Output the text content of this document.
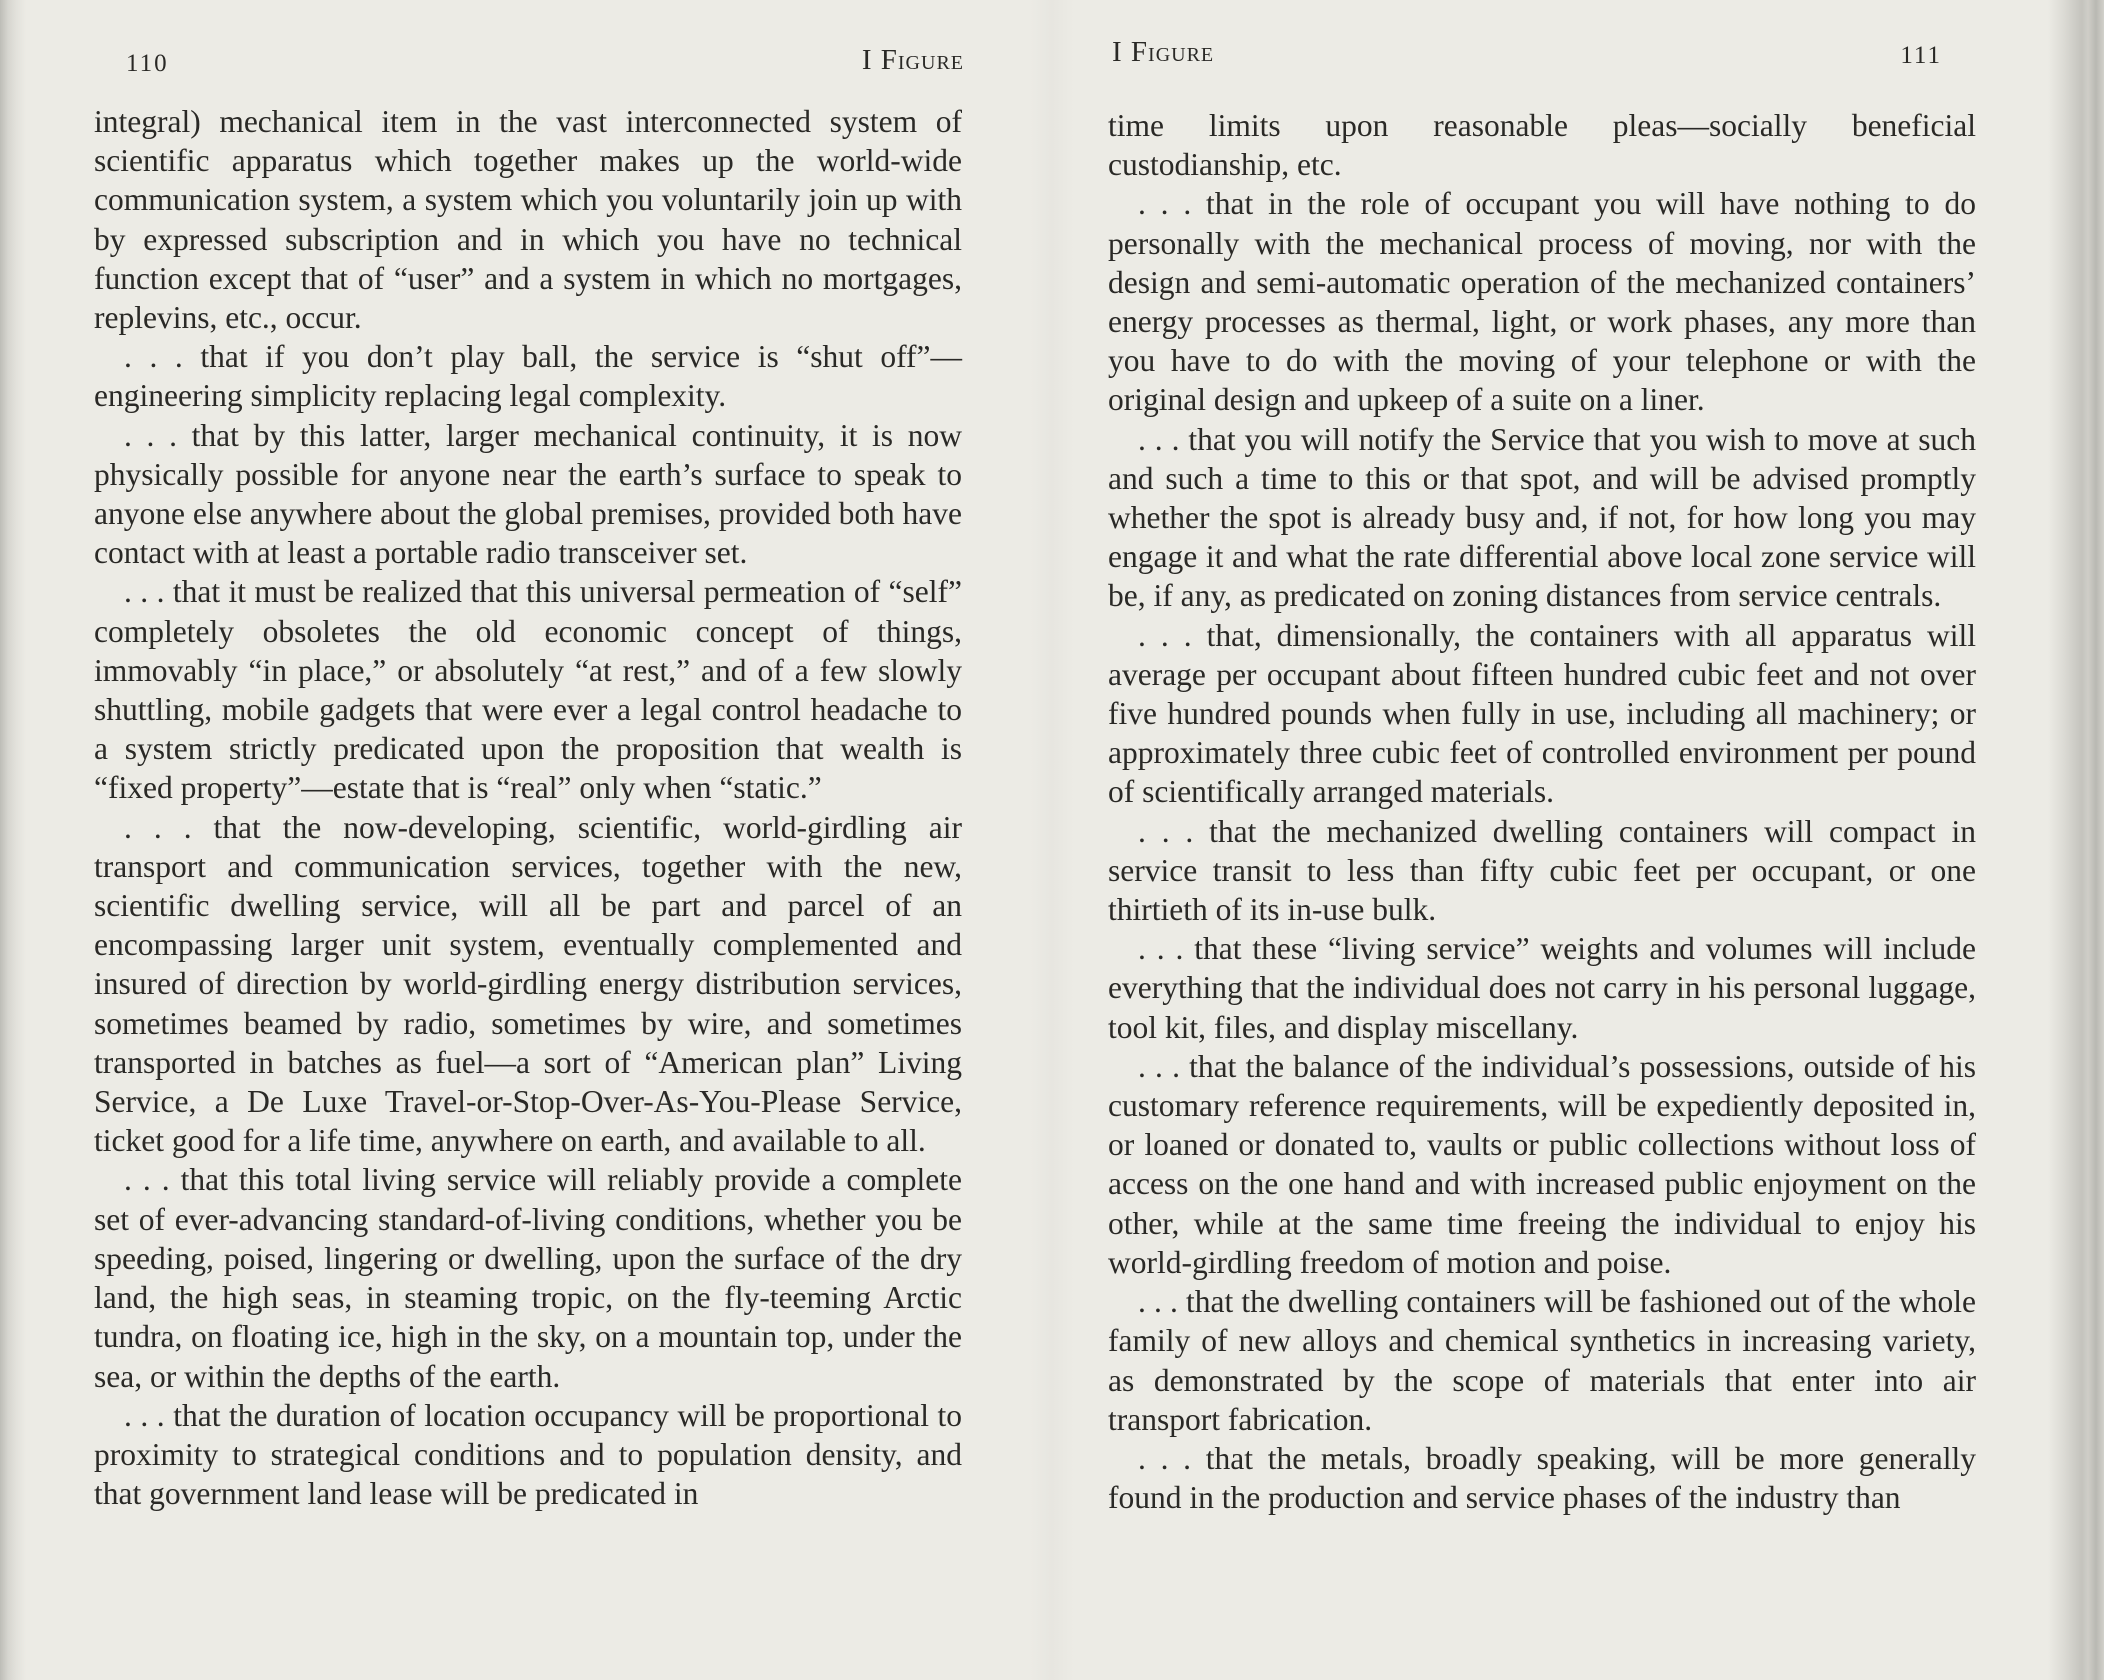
110	I Figure

integral) mechanical item in the vast interconnected system of scientific apparatus which together makes up the world-wide communication system, a system which you voluntarily join up with by expressed subscription and in which you have no technical function except that of “user” and a system in which no mortgages, replevins, etc., occur.

. . . that if you don’t play ball, the service is “shut off”—engineering simplicity replacing legal complexity.

. . . that by this latter, larger mechanical continuity, it is now physically possible for anyone near the earth’s surface to speak to anyone else anywhere about the global premises, provided both have contact with at least a portable radio transceiver set.

. . . that it must be realized that this universal permeation of “self” completely obsoletes the old economic concept of things, immovably “in place,” or absolutely “at rest,” and of a few slowly shuttling, mobile gadgets that were ever a legal control headache to a system strictly predicated upon the proposition that wealth is “fixed property”—estate that is “real” only when “static.”

. . . that the now-developing, scientific, world-girdling air transport and communication services, together with the new, scientific dwelling service, will all be part and parcel of an encompassing larger unit system, eventually complemented and insured of direction by world-girdling energy distribution services, sometimes beamed by radio, sometimes by wire, and sometimes transported in batches as fuel—a sort of “American plan” Living Service, a De Luxe Travel-or-Stop-Over-As-You-Please Service, ticket good for a life time, anywhere on earth, and available to all.

. . . that this total living service will reliably provide a complete set of ever-advancing standard-of-living conditions, whether you be speeding, poised, lingering or dwelling, upon the surface of the dry land, the high seas, in steaming tropic, on the fly-teeming Arctic tundra, on floating ice, high in the sky, on a mountain top, under the sea, or within the depths of the earth.

. . . that the duration of location occupancy will be proportional to proximity to strategical conditions and to population density, and that government land lease will be predicated in

I Figure	111

time limits upon reasonable pleas—socially beneficial custodianship, etc.

. . . that in the role of occupant you will have nothing to do personally with the mechanical process of moving, nor with the design and semi-automatic operation of the mechanized containers’ energy processes as thermal, light, or work phases, any more than you have to do with the moving of your telephone or with the original design and upkeep of a suite on a liner.

. . . that you will notify the Service that you wish to move at such and such a time to this or that spot, and will be advised promptly whether the spot is already busy and, if not, for how long you may engage it and what the rate differential above local zone service will be, if any, as predicated on zoning distances from service centrals.

. . . that, dimensionally, the containers with all apparatus will average per occupant about fifteen hundred cubic feet and not over five hundred pounds when fully in use, including all machinery; or approximately three cubic feet of controlled environment per pound of scientifically arranged materials.

. . . that the mechanized dwelling containers will compact in service transit to less than fifty cubic feet per occupant, or one thirtieth of its in-use bulk.

. . . that these “living service” weights and volumes will include everything that the individual does not carry in his personal luggage, tool kit, files, and display miscellany.

. . . that the balance of the individual’s possessions, outside of his customary reference requirements, will be expediently deposited in, or loaned or donated to, vaults or public collections without loss of access on the one hand and with increased public enjoyment on the other, while at the same time freeing the individual to enjoy his world-girdling freedom of motion and poise.

. . . that the dwelling containers will be fashioned out of the whole family of new alloys and chemical synthetics in increasing variety, as demonstrated by the scope of materials that enter into air transport fabrication.

. . . that the metals, broadly speaking, will be more generally found in the production and service phases of the industry than
